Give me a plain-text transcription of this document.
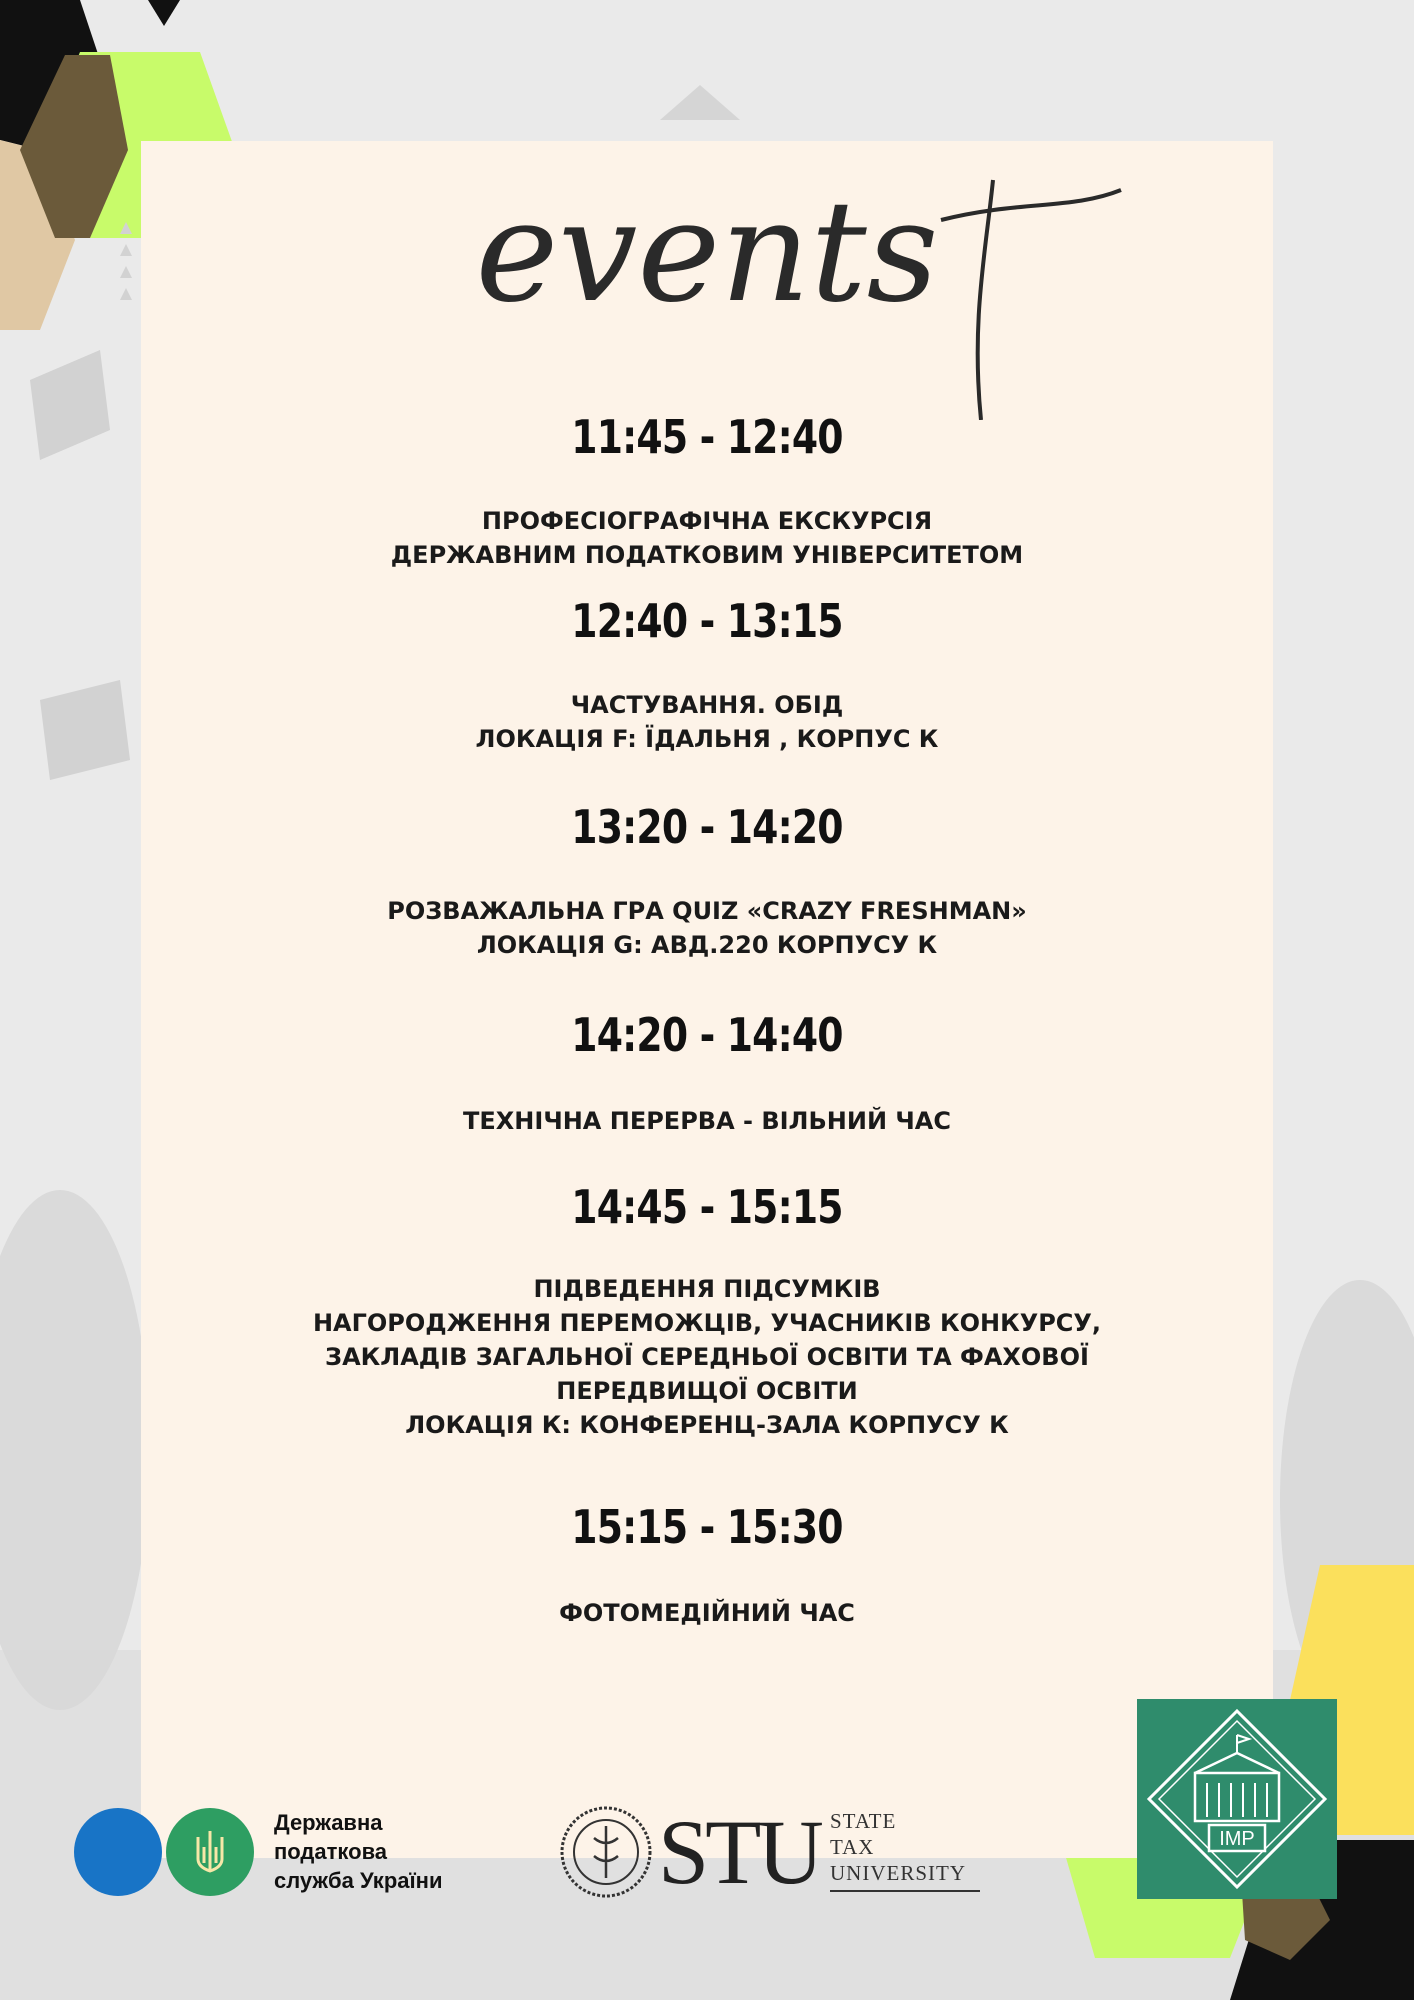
events
11:45 - 12:40
ПРОФЕСІОГРАФІЧНА ЕКСКУРСІЯ
ДЕРЖАВНИМ ПОДАТКОВИМ УНІВЕРСИТЕТОМ
12:40 - 13:15
ЧАСТУВАННЯ. ОБІД
ЛОКАЦІЯ F: ЇДАЛЬНЯ , КОРПУС К
13:20 - 14:20
РОЗВАЖАЛЬНА ГРА QUIZ «CRAZY FRESHMAN»
ЛОКАЦІЯ G: АВД.220 КОРПУСУ К
14:20 - 14:40
ТЕХНІЧНА ПЕРЕРВА - ВІЛЬНИЙ ЧАС
14:45 - 15:15
ПІДВЕДЕННЯ ПІДСУМКІВ
НАГОРОДЖЕННЯ ПЕРЕМОЖЦІВ, УЧАСНИКІВ КОНКУРСУ,
ЗАКЛАДІВ ЗАГАЛЬНОЇ СЕРЕДНЬОЇ ОСВІТИ ТА ФАХОВОЇ
ПЕРЕДВИЩОЇ ОСВІТИ
ЛОКАЦІЯ К: КОНФЕРЕНЦ-ЗАЛА КОРПУСУ К
15:15 - 15:30
ФОТОМЕДІЙНИЙ ЧАС
Державна
податкова
служба України STU STATE
TAX
UNIVERSITY
IMP
